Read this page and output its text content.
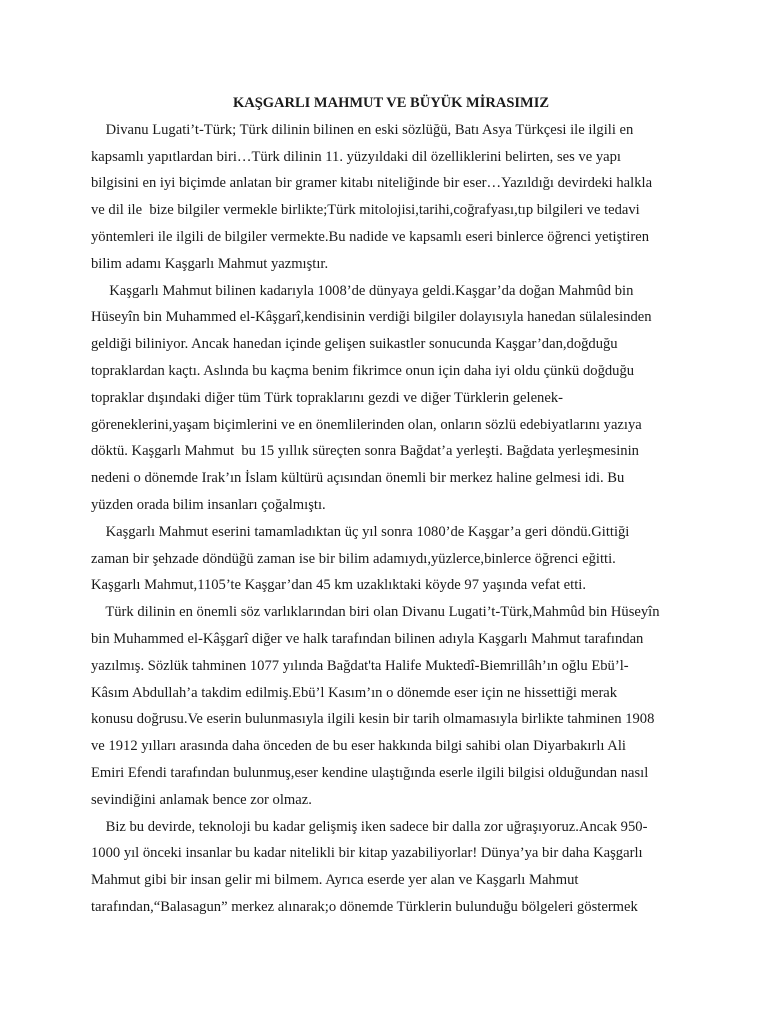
KAŞGARLI MAHMUT VE BÜYÜK MİRASIMIZ
Divanu Lugati’t-Türk; Türk dilinin bilinen en eski sözlüğü, Batı Asya Türkçesi ile ilgili en
kapsamlı yapıtlardan biri…Türk dilinin 11. yüzyıldaki dil özelliklerini belirten, ses ve yapı
bilgisini en iyi biçimde anlatan bir gramer kitabı niteliğinde bir eser…Yazıldığı devirdeki halkla
ve dil ile  bize bilgiler vermekle birlikte;Türk mitolojisi,tarihi,coğrafyası,tıp bilgileri ve tedavi
yöntemleri ile ilgili de bilgiler vermekte.Bu nadide ve kapsamlı eseri binlerce öğrenci yetiştiren
bilim adamı Kaşgarlı Mahmut yazmıştır.
Kaşgarlı Mahmut bilinen kadarıyla 1008’de dünyaya geldi.Kaşgar’da doğan Mahmûd bin
Hüseyîn bin Muhammed el-Kâşgarî,kendisinin verdiği bilgiler dolayısıyla hanedan sülalesinden
geldiği biliniyor. Ancak hanedan içinde gelişen suikastler sonucunda Kaşgar’dan,doğduğu
topraklardan kaçtı. Aslında bu kaçma benim fikrimce onun için daha iyi oldu çünkü doğduğu
topraklar dışındaki diğer tüm Türk topraklarını gezdi ve diğer Türklerin gelenek-
göreneklerini,yaşam biçimlerini ve en önemlilerinden olan, onların sözlü edebiyatlarını yazıya
döktü. Kaşgarlı Mahmut  bu 15 yıllık süreçten sonra Bağdat’a yerleşti. Bağdata yerleşmesinin
nedeni o dönemde Irak’ın İslam kültürü açısından önemli bir merkez haline gelmesi idi. Bu
yüzden orada bilim insanları çoğalmıştı.
Kaşgarlı Mahmut eserini tamamladıktan üç yıl sonra 1080’de Kaşgar’a geri döndü.Gittiği
zaman bir şehzade döndüğü zaman ise bir bilim adamıydı,yüzlerce,binlerce öğrenci eğitti.
Kaşgarlı Mahmut,1105’te Kaşgar’dan 45 km uzaklıktaki köyde 97 yaşında vefat etti.
Türk dilinin en önemli söz varlıklarından biri olan Divanu Lugati’t-Türk,Mahmûd bin Hüseyîn
bin Muhammed el-Kâşgarî diğer ve halk tarafından bilinen adıyla Kaşgarlı Mahmut tarafından
yazılmış. Sözlük tahminen 1077 yılında Bağdat'ta Halife Muktedî-Biemrillâh’ın oğlu Ebü’l-
Kâsım Abdullah’a takdim edilmiş.Ebü’l Kasım’ın o dönemde eser için ne hissettiği merak
konusu doğrusu.Ve eserin bulunmasıyla ilgili kesin bir tarih olmamasıyla birlikte tahminen 1908
ve 1912 yılları arasında daha önceden de bu eser hakkında bilgi sahibi olan Diyarbakırlı Ali
Emiri Efendi tarafından bulunmuş,eser kendine ulaştığında eserle ilgili bilgisi olduğundan nasıl
sevindiğini anlamak bence zor olmaz.
Biz bu devirde, teknoloji bu kadar gelişmiş iken sadece bir dalla zor uğraşıyoruz.Ancak 950-
1000 yıl önceki insanlar bu kadar nitelikli bir kitap yazabiliyorlar! Dünya’ya bir daha Kaşgarlı
Mahmut gibi bir insan gelir mi bilmem. Ayrıca eserde yer alan ve Kaşgarlı Mahmut
tarafından,“Balasagun” merkez alınarak;o dönemde Türklerin bulunduğu bölgeleri göstermek
